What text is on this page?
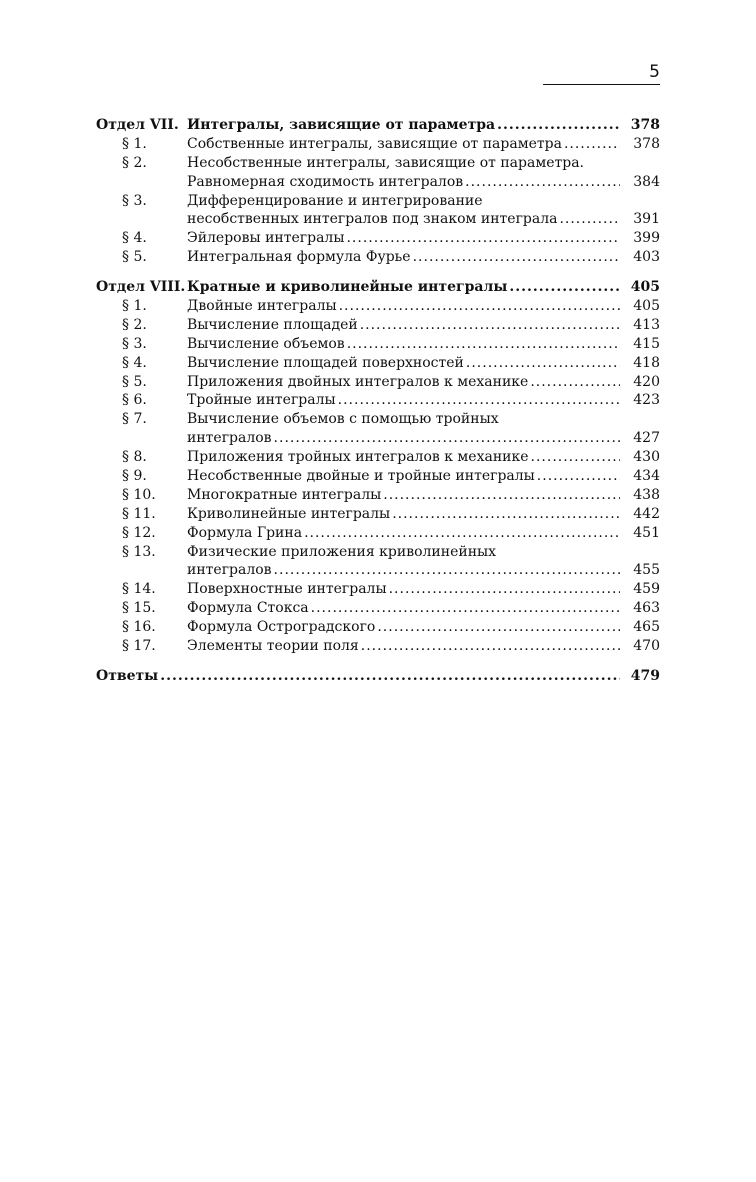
5
Отдел VII. Интегралы, зависящие от параметра .....	378
§ 1.	Собственные интегралы, зависящие от параметра .....	378
§ 2.	Несобственные интегралы, зависящие от параметра.
Равномерная сходимость интегралов .....	384
§ 3.	Дифференцирование и интегрирование
несобственных интегралов под знаком интеграла .....	391
§ 4.	Эйлеровы интегралы .....	399
§ 5.	Интегральная формула Фурье .....	403
Отдел VIII. Кратные и криволинейные интегралы .....	405
§ 1.	Двойные интегралы .....	405
§ 2.	Вычисление площадей .....	413
§ 3.	Вычисление объемов .....	415
§ 4.	Вычисление площадей поверхностей .....	418
§ 5.	Приложения двойных интегралов к механике .....	420
§ 6.	Тройные интегралы .....	423
§ 7.	Вычисление объемов с помощью тройных
интегралов .....	427
§ 8.	Приложения тройных интегралов к механике .....	430
§ 9.	Несобственные двойные и тройные интегралы .....	434
§ 10.	Многократные интегралы .....	438
§ 11.	Криволинейные интегралы .....	442
§ 12.	Формула Грина .....	451
§ 13.	Физические приложения криволинейных
интегралов .....	455
§ 14.	Поверхностные интегралы .....	459
§ 15.	Формула Стокса .....	463
§ 16.	Формула Остроградского .....	465
§ 17.	Элементы теории поля .....	470
Ответы .....	479
